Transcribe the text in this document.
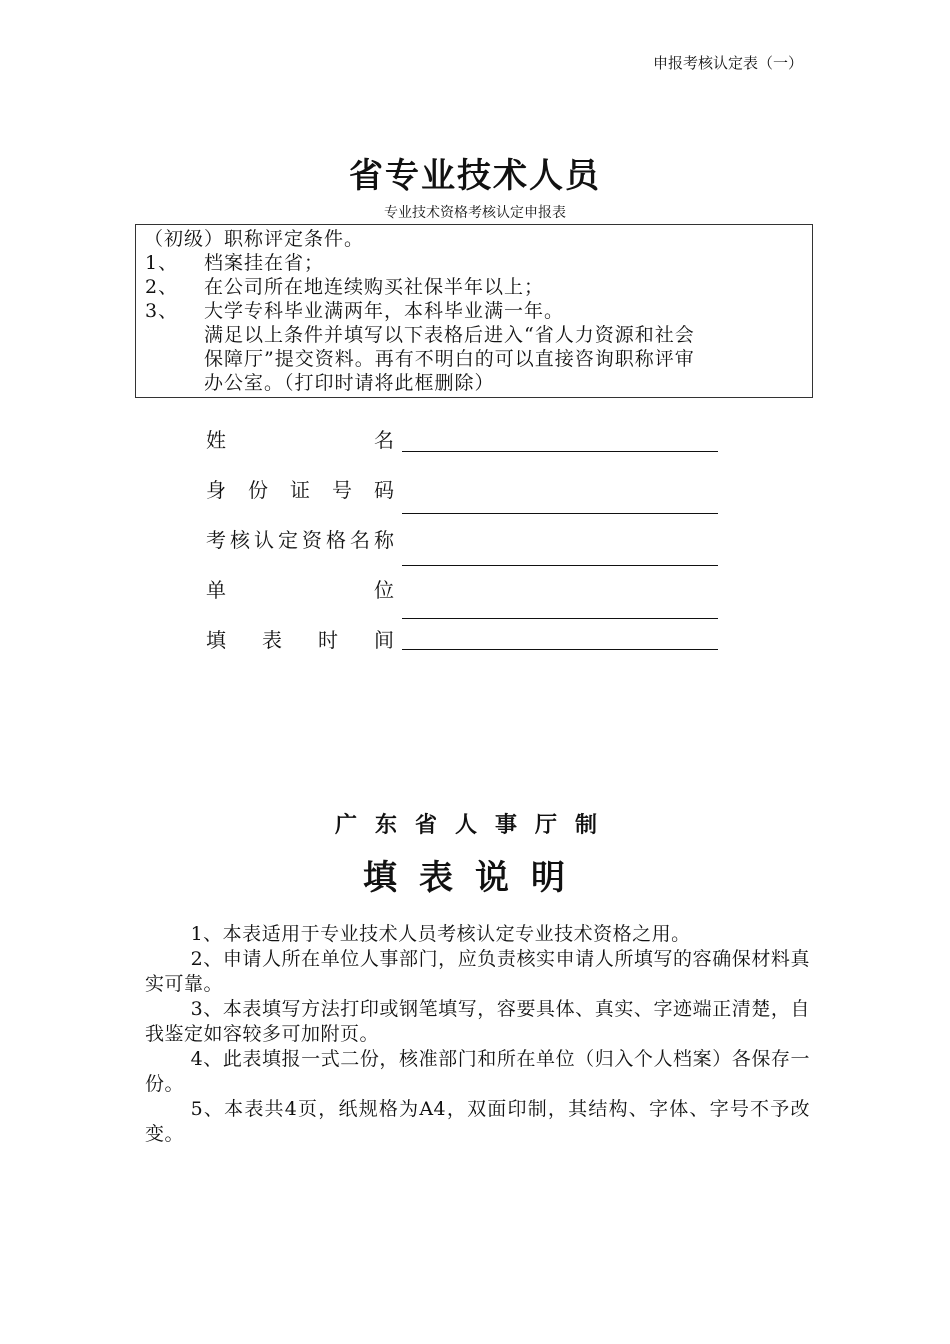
申报考核认定表（一）
省专业技术人员
专业技术资格考核认定申报表
（初级）职称评定条件。
1、 档案挂在省；
2、 在公司所在地连续购买社保半年以上；
3、 大学专科毕业满两年，本科毕业满一年。
满足以上条件并填写以下表格后进入“省人力资源和社会
保障厅”提交资料。再有不明白的可以直接咨询职称评审
办公室。（打印时请将此框删除）
姓	名
身 份 证 号 码
考 核 认 定 资 格 名 称
单	位
填 表 时 间
广东省人事厅制
填表说明

1、本表适用于专业技术人员考核认定专业技术资格之用。

2、申请人所在单位人事部门，应负责核实申请人所填写的容确保材料真实可靠。

3、本表填写方法打印或钢笔填写，容要具体、真实、字迹端正清楚，自我鉴定如容较多可加附页。

4、此表填报一式二份，核准部门和所在单位（归入个人档案）各保存一份。

5、本表共4页，纸规格为A4，双面印制，其结构、字体、字号不予改变。
